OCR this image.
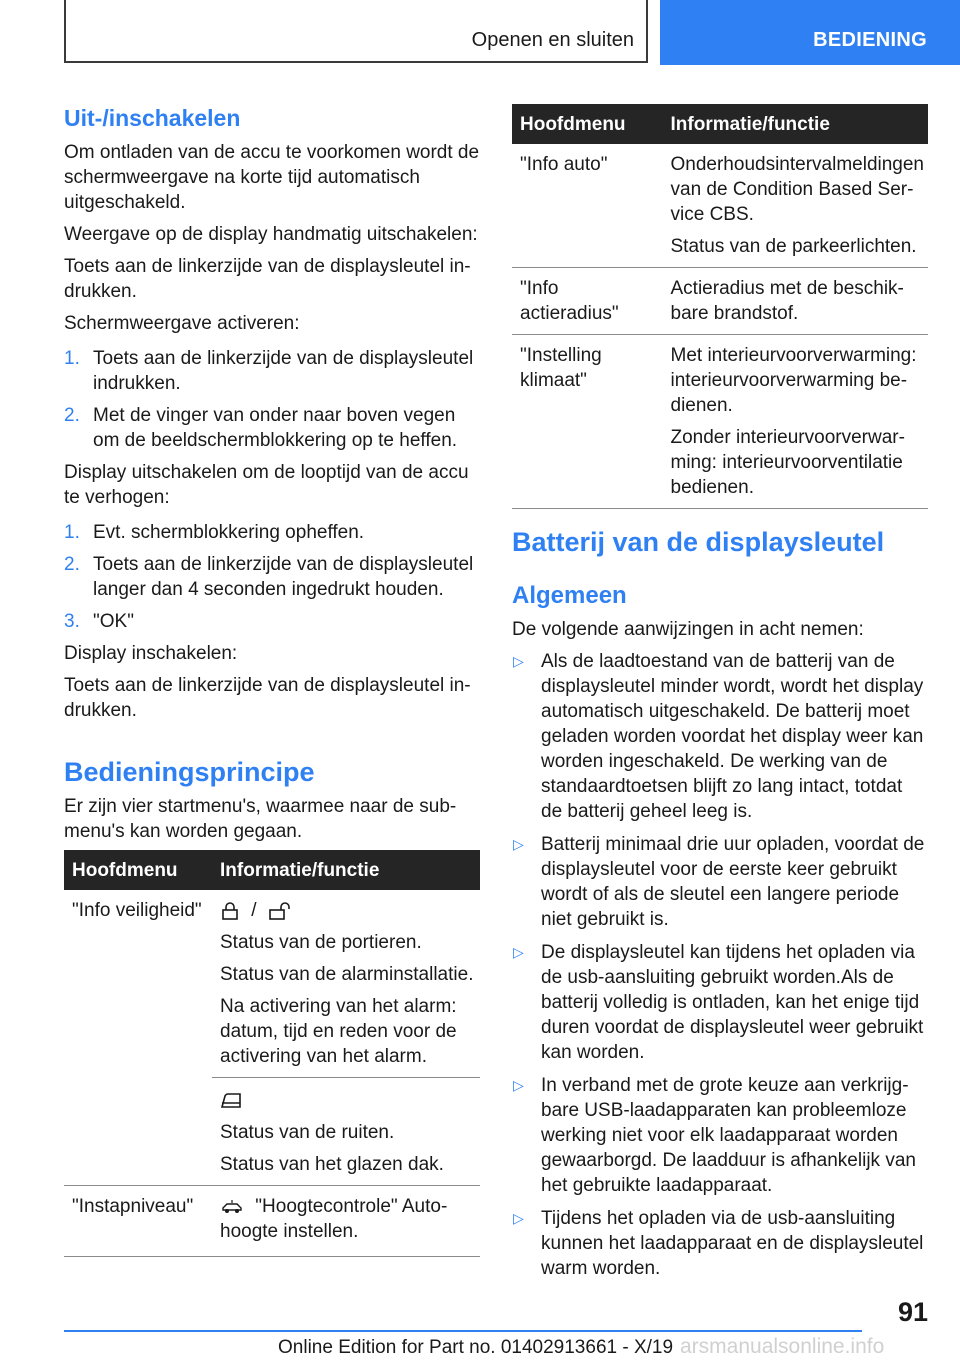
Openen en sluiten	BEDIENING
Uit-/inschakelen
Om ontladen van de accu te voorkomen wordt de schermweergave na korte tijd automatisch uitgeschakeld.
Weergave op de display handmatig uitschakelen:
Toets aan de linkerzijde van de displaysleutel in-drukken.
Schermweergave activeren:
1. Toets aan de linkerzijde van de displaysleutel indrukken.
2. Met de vinger van onder naar boven vegen om de beeldschermblokkering op te heffen.
Display uitschakelen om de looptijd van de accu te verhogen:
1. Evt. schermblokkering opheffen.
2. Toets aan de linkerzijde van de displaysleutel langer dan 4 seconden ingedrukt houden.
3. "OK"
Display inschakelen:
Toets aan de linkerzijde van de displaysleutel in-drukken.
Bedieningsprincipe
Er zijn vier startmenu's, waarmee naar de sub-menu's kan worden gegaan.
Hoofdmenu	Informatie/functie
"Info veiligheid"	/
Status van de portieren.
Status van de alarminstallatie.
Na activering van het alarm: datum, tijd en reden voor de activering van het alarm.

	Status van de ruiten.
Status van het glazen dak.

"Instapniveau"	"Hoogtecontrole" Auto-hoogte instellen.
Hoofdmenu	Informatie/functie
"Info auto"	Onderhoudsintervalmeldingen van de Condition Based Ser-vice CBS.
Status van de parkeerlichten.

"Info actieradius"	Actieradius met de beschik-bare brandstof.

"Instelling klimaat"	Met interieurvoorverwarming: interieurvoorverwarming be-dienen.
Zonder interieurvoorverwar-ming: interieurvoorventilatie bedienen.
Batterij van de displaysleutel
Algemeen
De volgende aanwijzingen in acht nemen:
▷ Als de laadtoestand van de batterij van de displaysleutel minder wordt, wordt het display automatisch uitgeschakeld. De batterij moet geladen worden voordat het display weer kan worden ingeschakeld. De werking van de standaardtoetsen blijft zo lang intact, totdat de batterij geheel leeg is.
▷ Batterij minimaal drie uur opladen, voordat de displaysleutel voor de eerste keer gebruikt wordt of als de sleutel een langere periode niet gebruikt is.
▷ De displaysleutel kan tijdens het opladen via de usb-aansluiting gebruikt worden.Als de batterij volledig is ontladen, kan het enige tijd duren voordat de displaysleutel weer gebruikt kan worden.
▷ In verband met de grote keuze aan verkrijg-bare USB-laadapparaten kan probleemloze werking niet voor elk laadapparaat worden gewaarborgd. De laadduur is afhankelijk van het gebruikte laadapparaat.
▷ Tijdens het opladen via de usb-aansluiting kunnen het laadapparaat en de displaysleutel warm worden.
91
Online Edition for Part no. 01402913661 - X/19 arsmanualsonline.info
